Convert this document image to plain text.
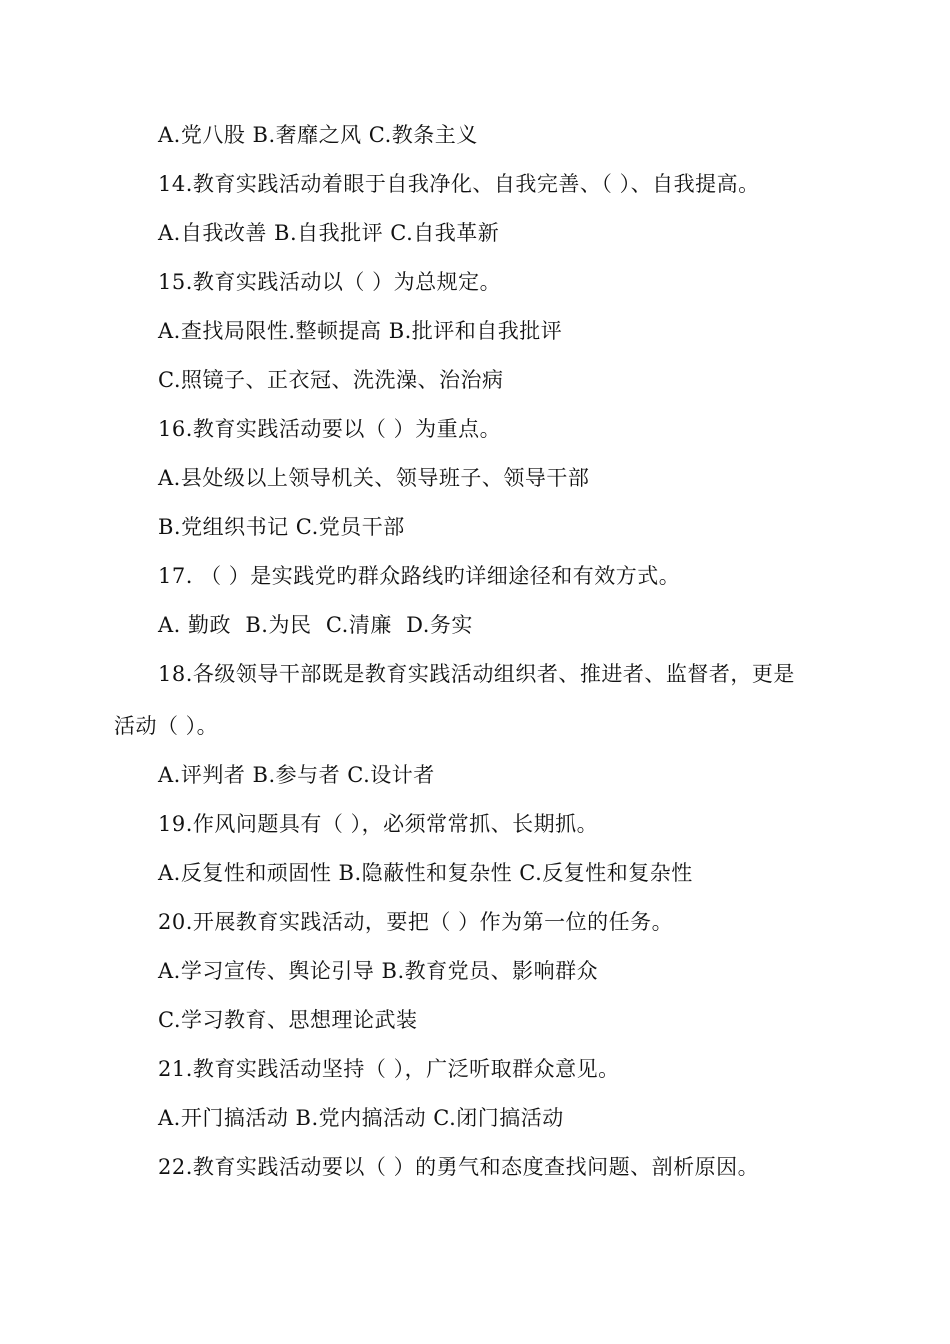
A.党八股 B.奢靡之风 C.教条主义
14.教育实践活动着眼于自我净化、自我完善、（ ）、自我提高。
A.自我改善 B.自我批评 C.自我革新
15.教育实践活动以（ ）为总规定。
A.查找局限性.整顿提高 B.批评和自我批评
C.照镜子、正衣冠、洗洗澡、治治病
16.教育实践活动要以（ ）为重点。
A.县处级以上领导机关、领导班子、领导干部
B.党组织书记 C.党员干部
17. （ ）是实践党旳群众路线旳详细途径和有效方式。
A. 勤政  B.为民  C.清廉  D.务实
18.各级领导干部既是教育实践活动组织者、推进者、监督者，更是
活动（ ）。
A.评判者 B.参与者 C.设计者
19.作风问题具有（ ），必须常常抓、长期抓。
A.反复性和顽固性 B.隐蔽性和复杂性 C.反复性和复杂性
20.开展教育实践活动，要把（ ）作为第一位的任务。
A.学习宣传、舆论引导 B.教育党员、影响群众
C.学习教育、思想理论武装
21.教育实践活动坚持（ ），广泛听取群众意见。
A.开门搞活动 B.党内搞活动 C.闭门搞活动
22.教育实践活动要以（ ）的勇气和态度查找问题、剖析原因。
